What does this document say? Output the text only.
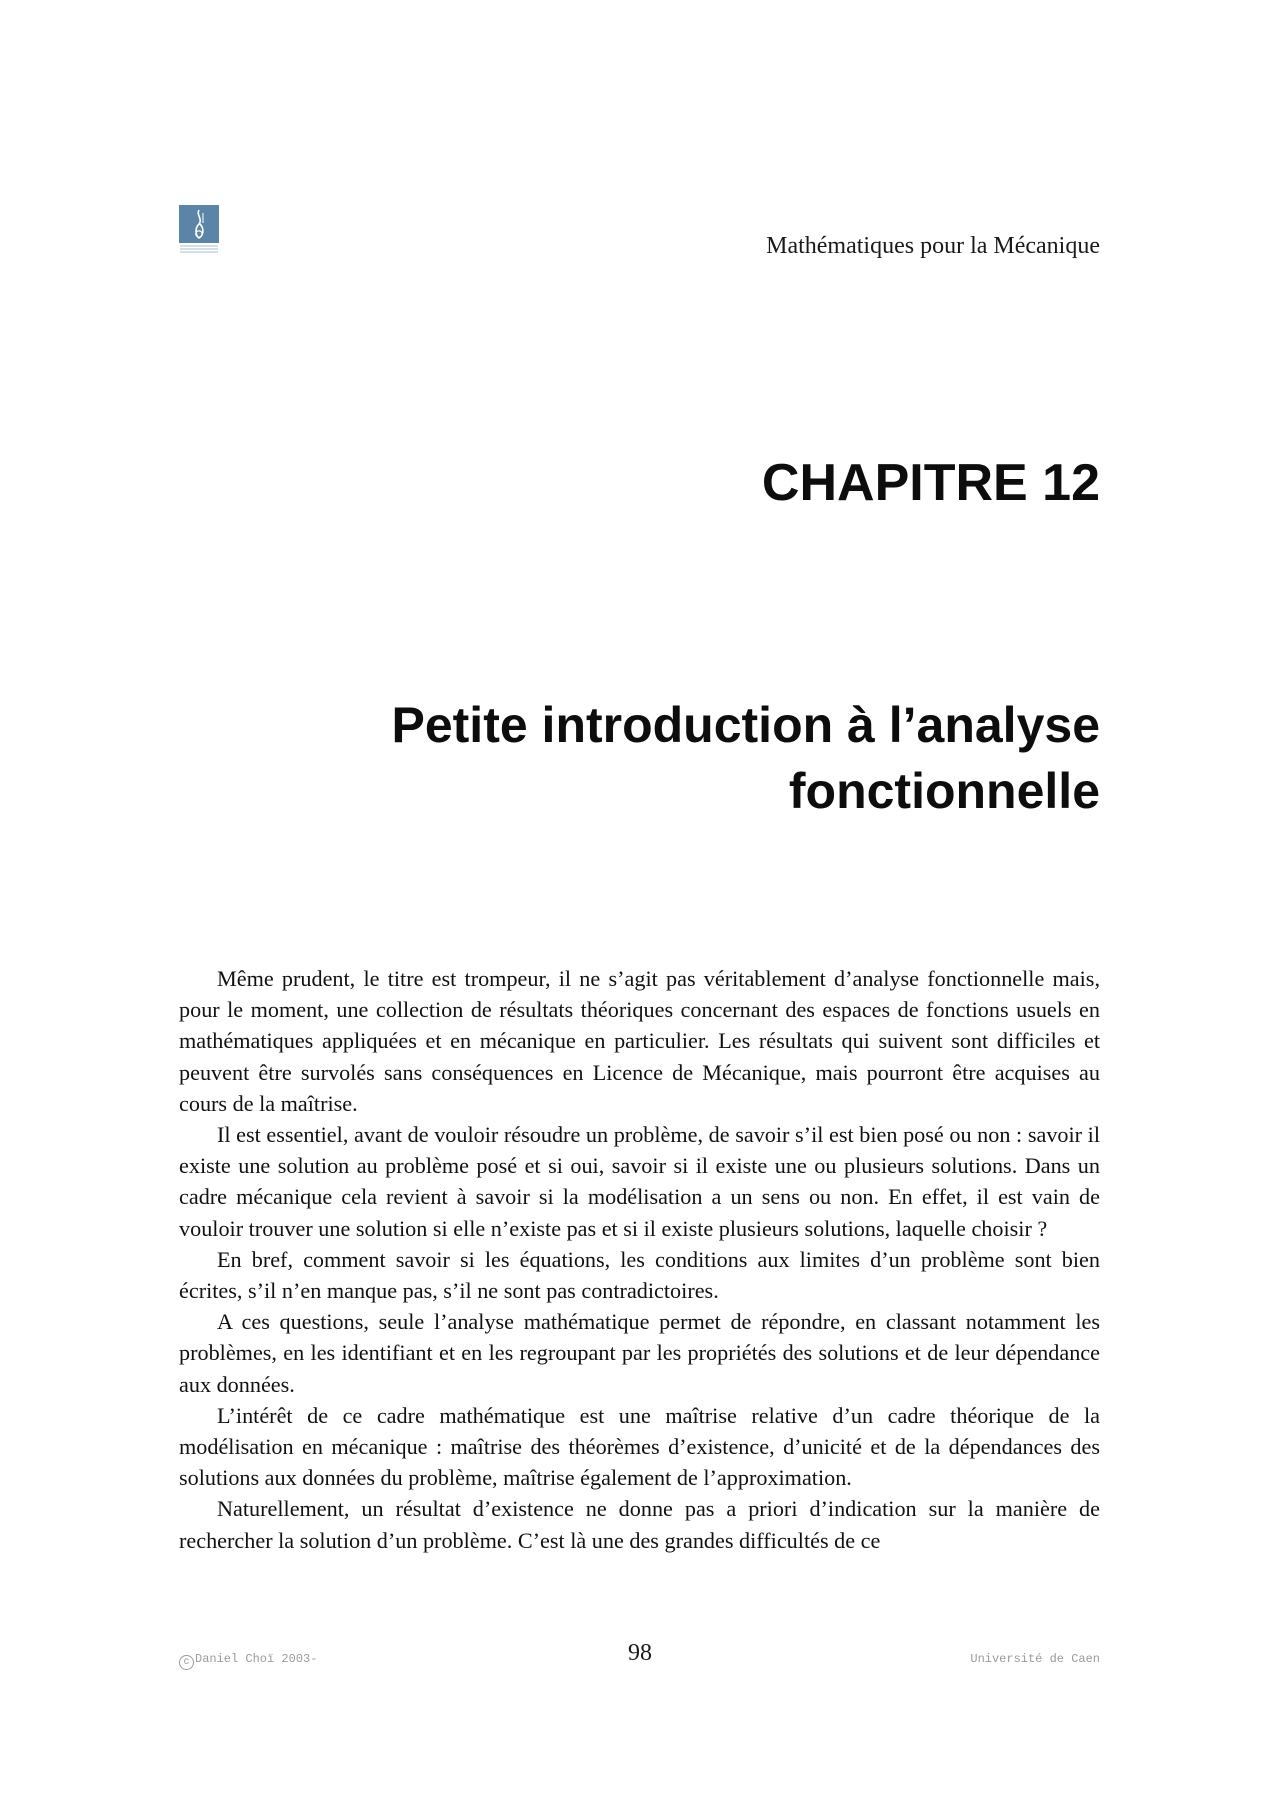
Mathématiques pour la Mécanique
CHAPITRE 12
Petite introduction à l’analyse fonctionnelle

Même prudent, le titre est trompeur, il ne s’agit pas véritablement d’analyse fonctionnelle mais, pour le moment, une collection de résultats théoriques concernant des espaces de fonctions usuels en mathématiques appliquées et en mécanique en particulier. Les résultats qui suivent sont difficiles et peuvent être survolés sans conséquences en Licence de Mécanique, mais pourront être acquises au cours de la maîtrise.

Il est essentiel, avant de vouloir résoudre un problème, de savoir s’il est bien posé ou non : savoir il existe une solution au problème posé et si oui, savoir si il existe une ou plusieurs solutions. Dans un cadre mécanique cela revient à savoir si la modélisation a un sens ou non. En effet, il est vain de vouloir trouver une solution si elle n’existe pas et si il existe plusieurs solutions, laquelle choisir ?

En bref, comment savoir si les équations, les conditions aux limites d’un problème sont bien écrites, s’il n’en manque pas, s’il ne sont pas contradictoires.

A ces questions, seule l’analyse mathématique permet de répondre, en classant notamment les problèmes, en les identifiant et en les regroupant par les propriétés des solutions et de leur dépendance aux données.

L’intérêt de ce cadre mathématique est une maîtrise relative d’un cadre théorique de la modélisation en mécanique : maîtrise des théorèmes d’existence, d’unicité et de la dépendances des solutions aux données du problème, maîtrise également de l’approximation.

Naturellement, un résultat d’existence ne donne pas a priori d’indication sur la manière de rechercher la solution d’un problème. C’est là une des grandes difficultés de ce

c Daniel Choï 2003-	98	Université de Caen
